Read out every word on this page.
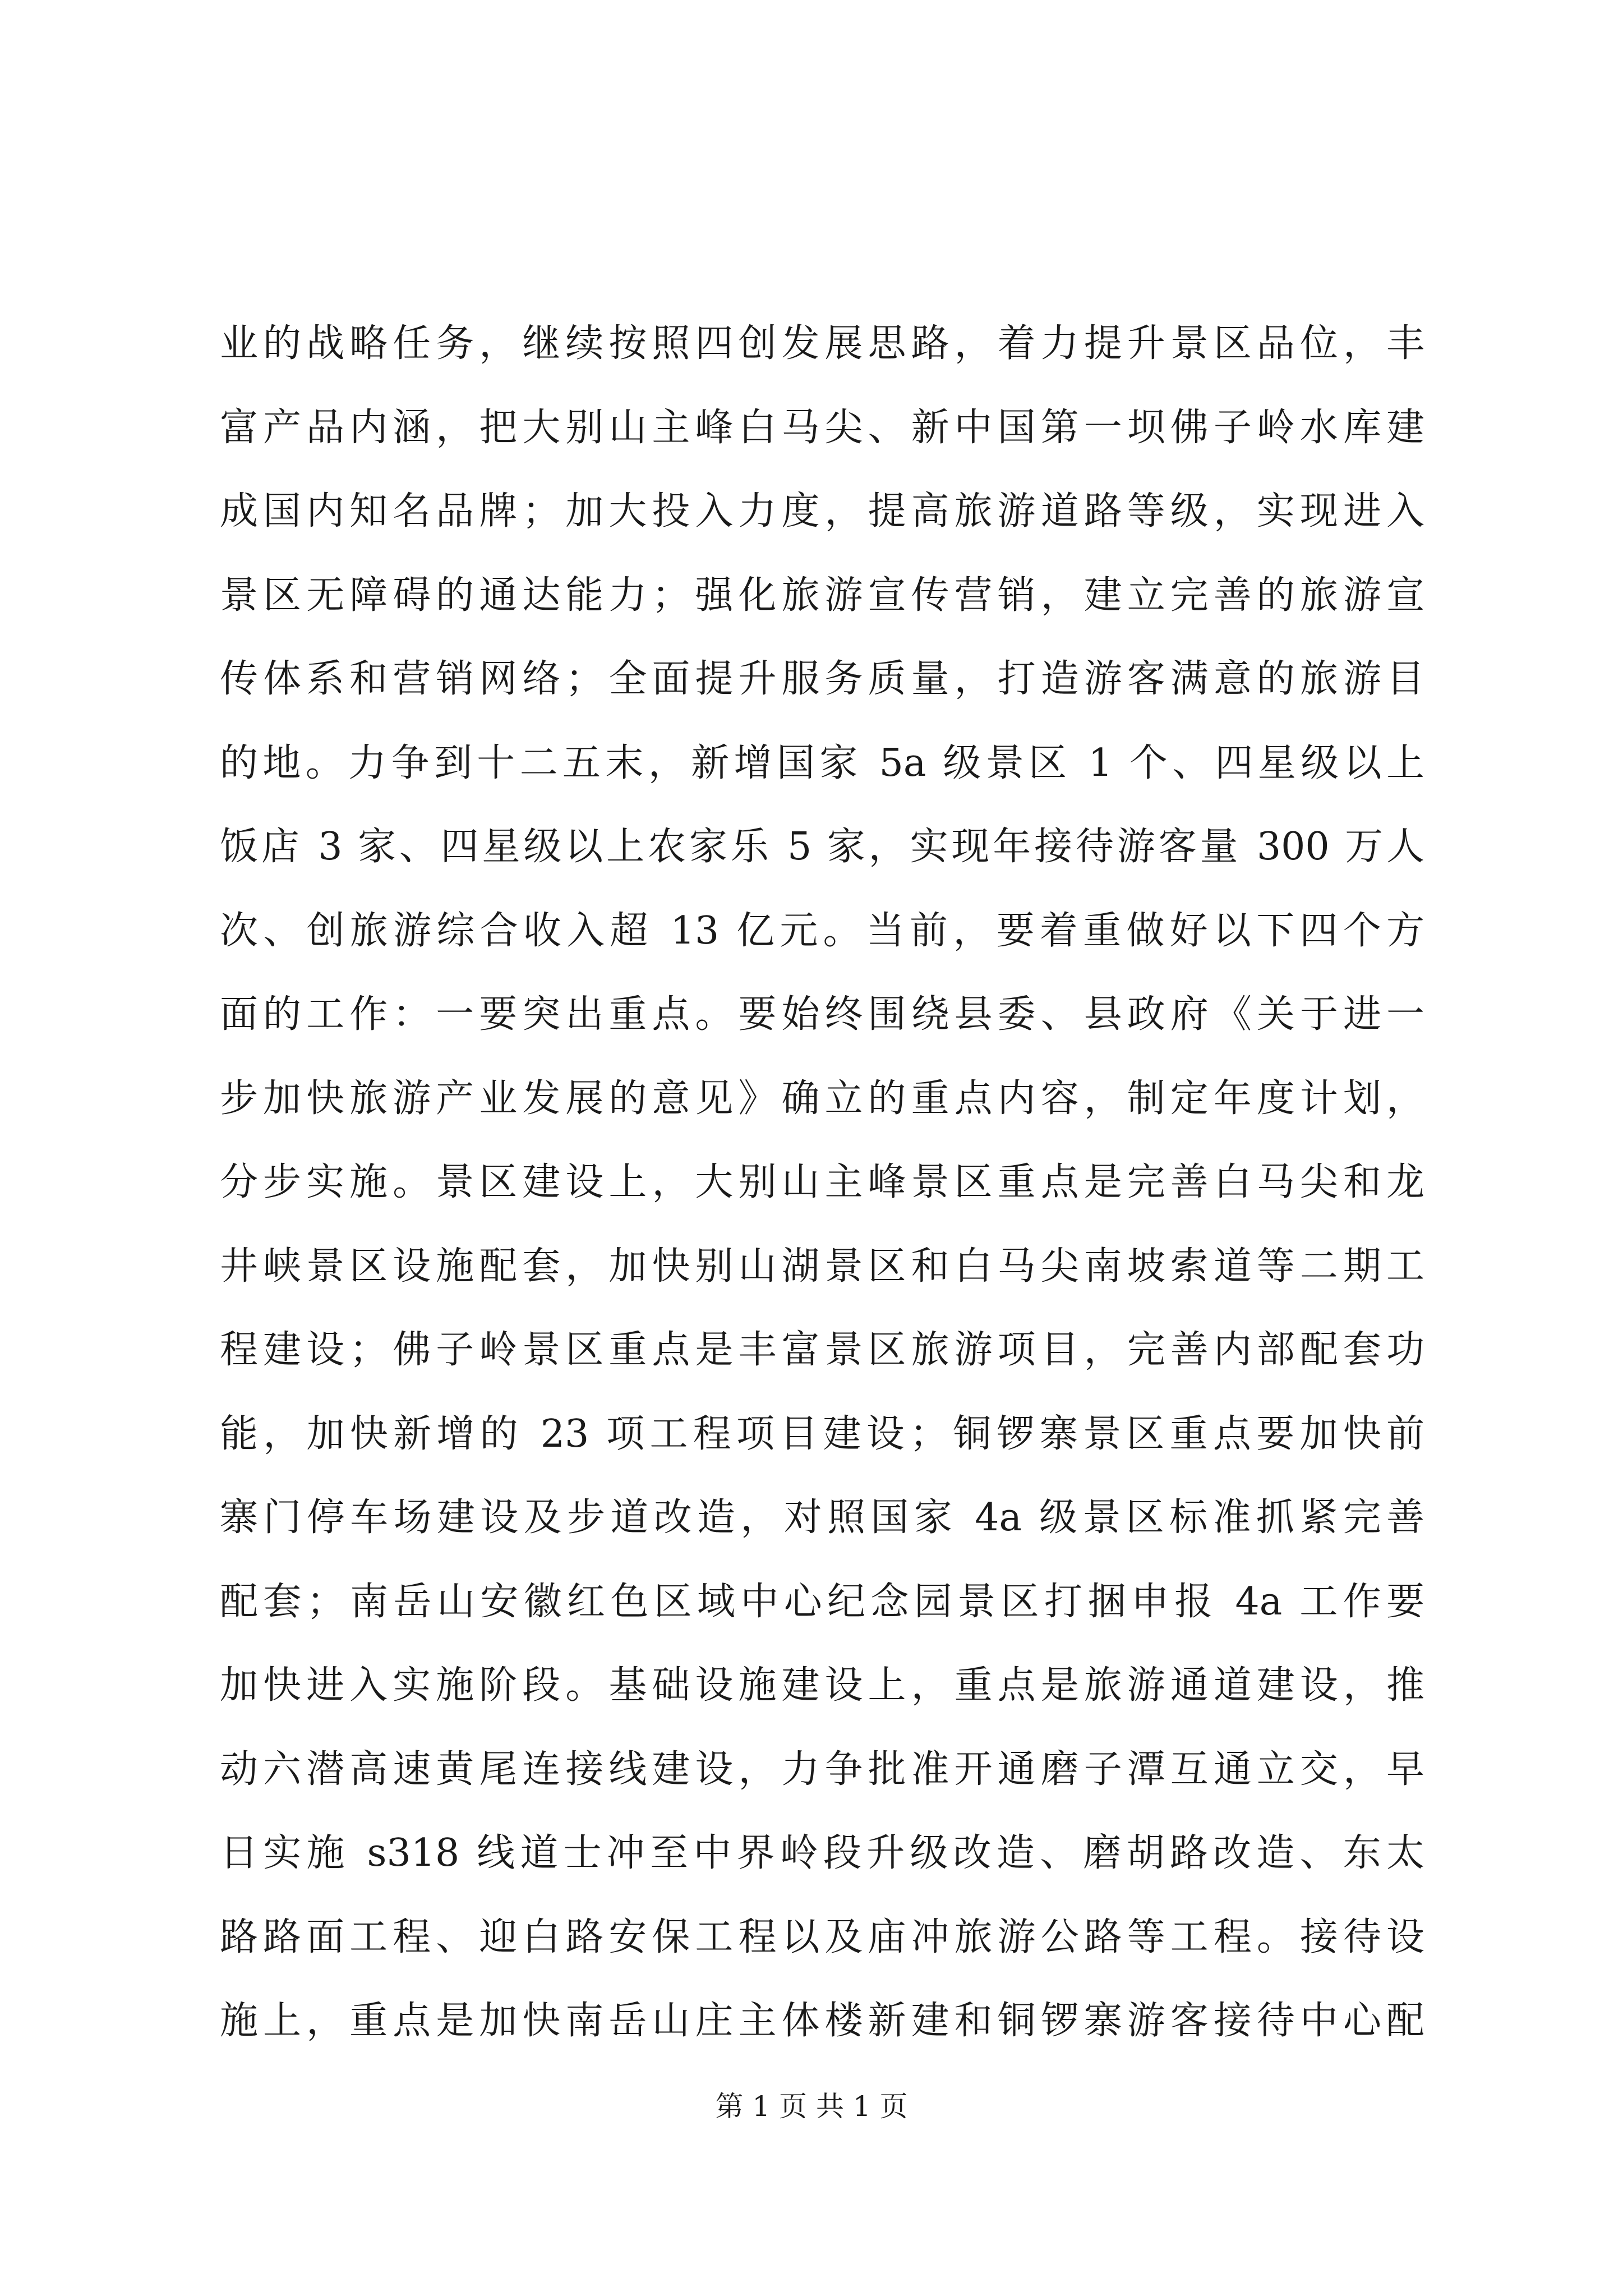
业的战略任务，继续按照四创发展思路，着力提升景区品位，丰
富产品内涵，把大别山主峰白马尖、新中国第一坝佛子岭水库建
成国内知名品牌；加大投入力度，提高旅游道路等级，实现进入
景区无障碍的通达能力；强化旅游宣传营销，建立完善的旅游宣
传体系和营销网络；全面提升服务质量，打造游客满意的旅游目
的地。力争到十二五末，新增国家 5a 级景区 1 个、四星级以上
饭店 3 家、四星级以上农家乐 5 家，实现年接待游客量 300 万人
次、创旅游综合收入超 13 亿元。当前，要着重做好以下四个方
面的工作：一要突出重点。要始终围绕县委、县政府《关于进一
步加快旅游产业发展的意见》确立的重点内容，制定年度计划，
分步实施。景区建设上，大别山主峰景区重点是完善白马尖和龙
井峡景区设施配套，加快别山湖景区和白马尖南坡索道等二期工
程建设；佛子岭景区重点是丰富景区旅游项目，完善内部配套功
能，加快新增的 23 项工程项目建设；铜锣寨景区重点要加快前
寨门停车场建设及步道改造，对照国家 4a 级景区标准抓紧完善
配套；南岳山安徽红色区域中心纪念园景区打捆申报 4a 工作要
加快进入实施阶段。基础设施建设上，重点是旅游通道建设，推
动六潜高速黄尾连接线建设，力争批准开通磨子潭互通立交，早
日实施 s318 线道士冲至中界岭段升级改造、磨胡路改造、东太
路路面工程、迎白路安保工程以及庙冲旅游公路等工程。接待设
施上，重点是加快南岳山庄主体楼新建和铜锣寨游客接待中心配
第 1 页 共 1 页
